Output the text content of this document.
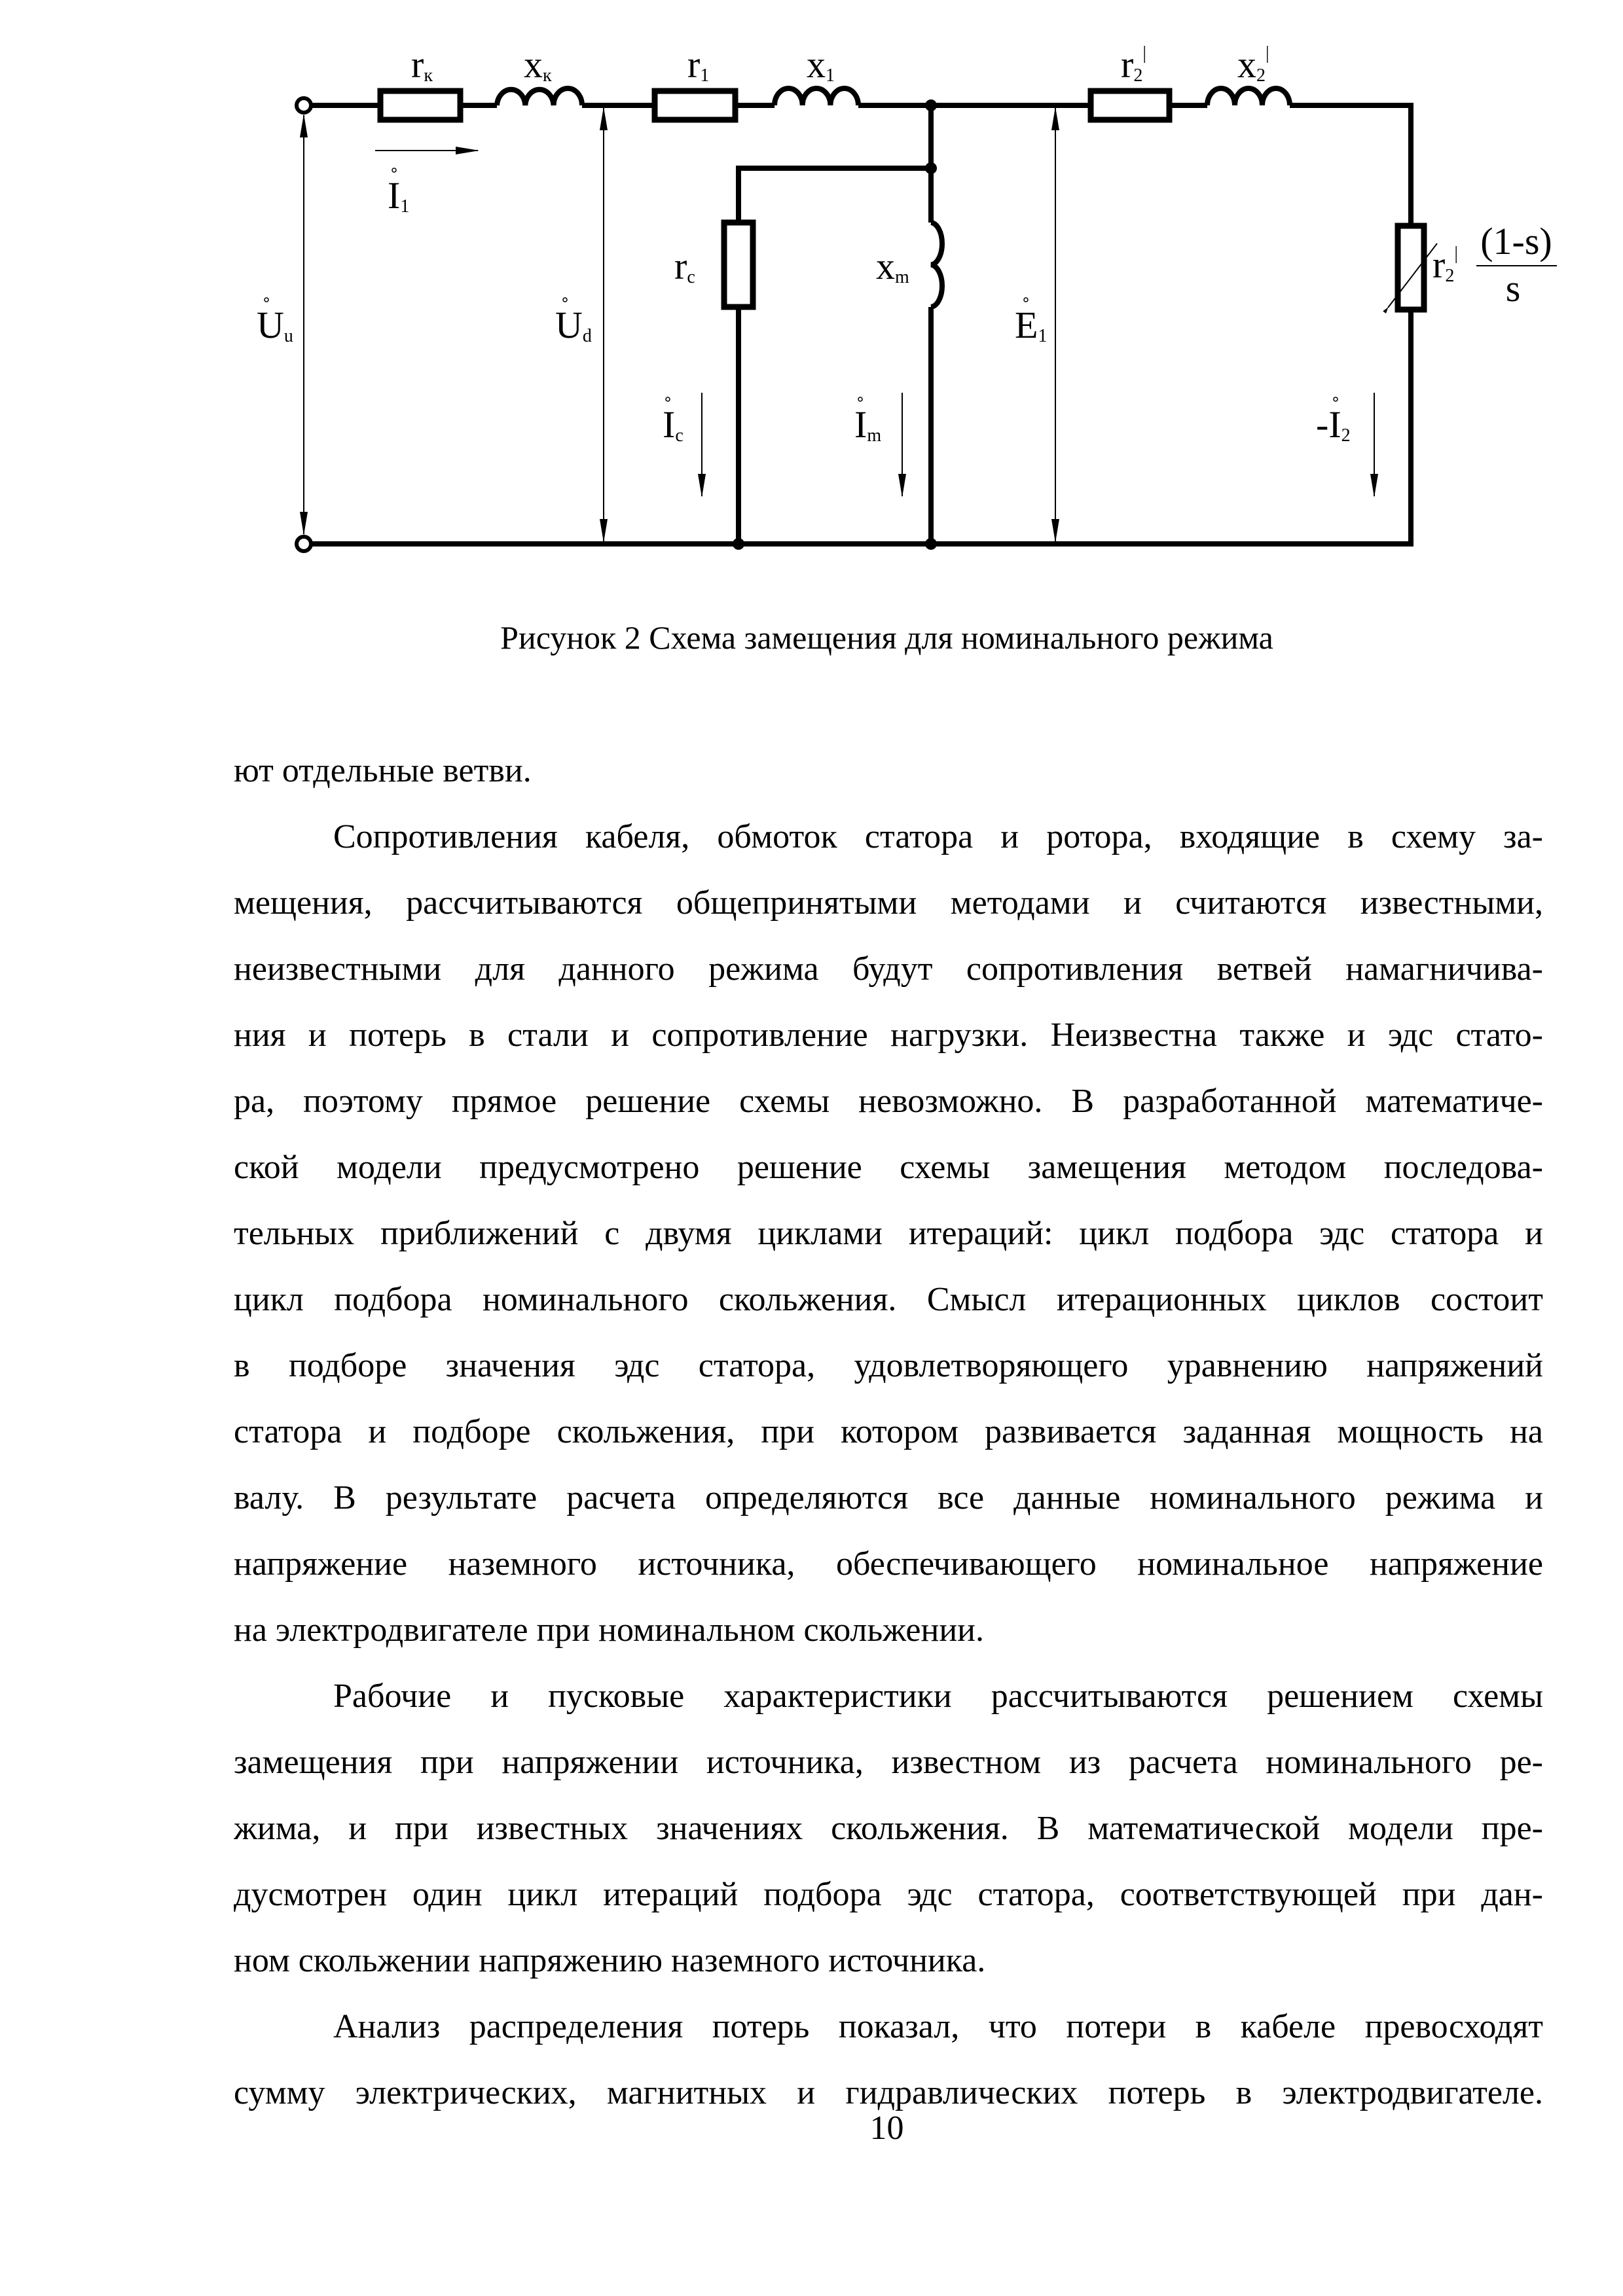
rк xк	r1	x1	r2| x2|
rc	xm
Uu	Ud	E1
I1
Ic	Im	-I2
r2| (1-s)
s
Рисунок 2 Схема замещения для номинального режима
ют отдельные ветви.
Сопротивления кабеля, обмоток статора и ротора, входящие в схему за-
мещения, рассчитываются общепринятыми методами и считаются известными,
неизвестными для данного режима будут сопротивления ветвей намагничива-
ния и потерь в стали и сопротивление нагрузки. Неизвестна также и эдс стато-
ра, поэтому прямое решение схемы невозможно. В разработанной математиче-
ской модели предусмотрено решение схемы замещения методом последова-
тельных приближений с двумя циклами итераций: цикл подбора эдс статора и
цикл подбора номинального скольжения. Смысл итерационных циклов состоит
в подборе значения эдс статора, удовлетворяющего уравнению напряжений
статора и подборе скольжения, при котором развивается заданная мощность на
валу. В результате расчета определяются все данные номинального режима и
напряжение наземного источника, обеспечивающего номинальное напряжение
на электродвигателе при номинальном скольжении.
Рабочие и пусковые характеристики рассчитываются решением схемы
замещения при напряжении источника, известном из расчета номинального ре-
жима, и при известных значениях скольжения. В математической модели пре-
дусмотрен один цикл итераций подбора эдс статора, соответствующей при дан-
ном скольжении напряжению наземного источника.
Анализ распределения потерь показал, что потери в кабеле превосходят
сумму электрических, магнитных и гидравлических потерь в электродвигателе.
10
